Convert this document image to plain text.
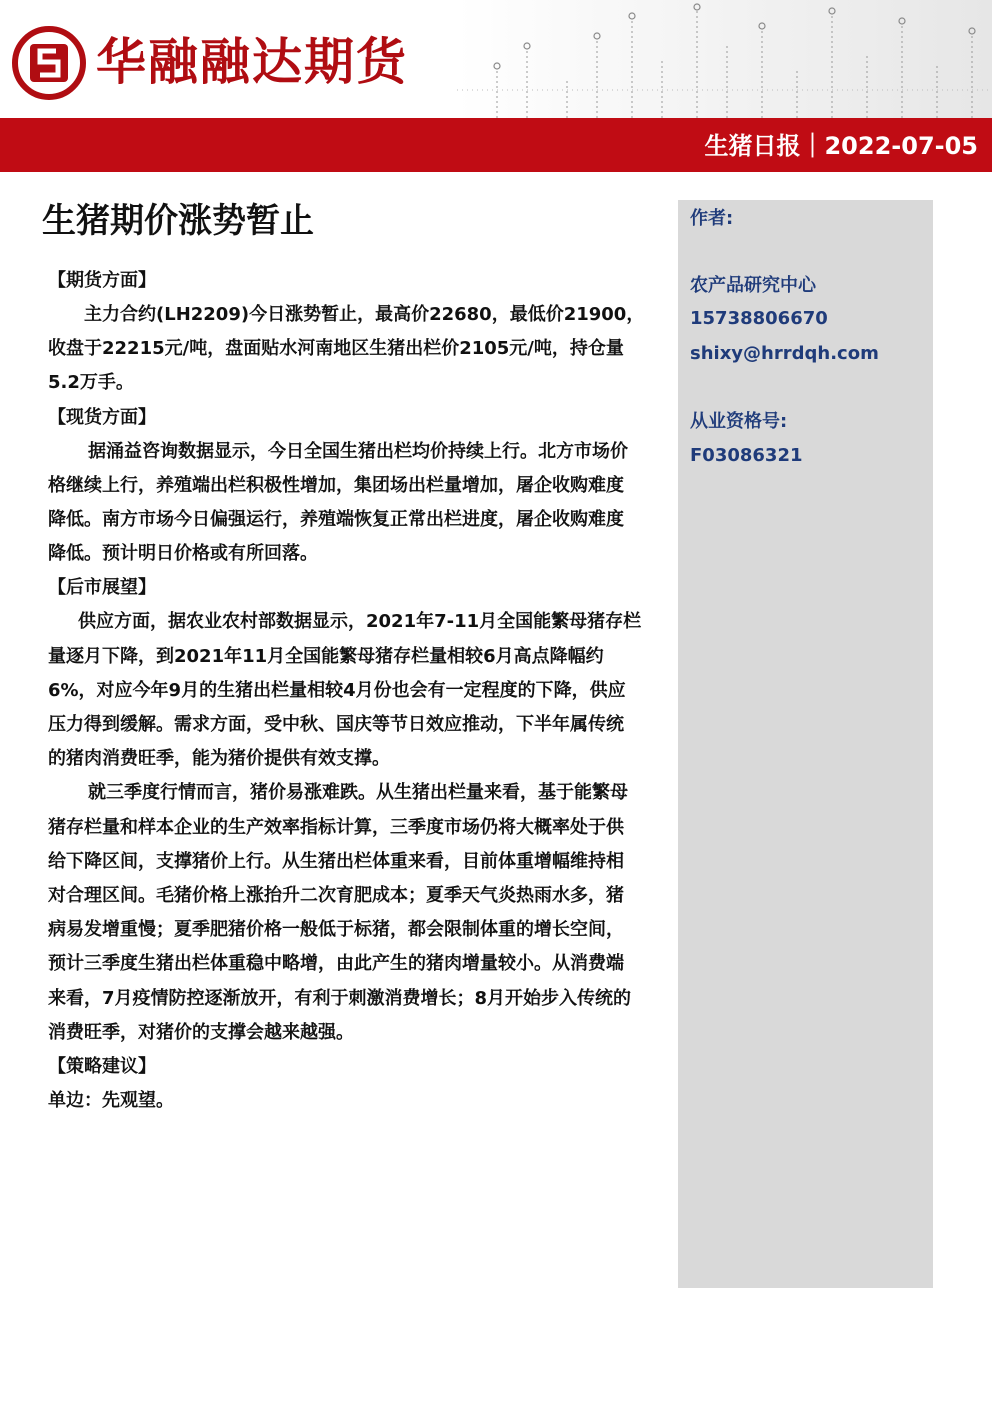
华融融达期货
生猪日报｜2022-07-05
作者:
农产品研究中心
15738806670
shixy@hrrdqh.com
从业资格号:
F03086321
生猪期价涨势暂止

【期货方面】

主力合约(LH2209)今日涨势暂止，最高价22680，最低价21900，
收盘于22215元/吨，盘面贴水河南地区生猪出栏价2105元/吨，持仓量
5.2万手。

【现货方面】

据涌益咨询数据显示，今日全国生猪出栏均价持续上行。北方市场价
格继续上行，养殖端出栏积极性增加，集团场出栏量增加，屠企收购难度
降低。南方市场今日偏强运行，养殖端恢复正常出栏进度，屠企收购难度
降低。预计明日价格或有所回落。

【后市展望】

供应方面，据农业农村部数据显示，2021年7-11月全国能繁母猪存栏
量逐月下降，到2021年11月全国能繁母猪存栏量相较6月高点降幅约
6%，对应今年9月的生猪出栏量相较4月份也会有一定程度的下降，供应
压力得到缓解。需求方面，受中秋、国庆等节日效应推动，下半年属传统
的猪肉消费旺季，能为猪价提供有效支撑。

就三季度行情而言，猪价易涨难跌。从生猪出栏量来看，基于能繁母
猪存栏量和样本企业的生产效率指标计算，三季度市场仍将大概率处于供
给下降区间，支撑猪价上行。从生猪出栏体重来看，目前体重增幅维持相
对合理区间。毛猪价格上涨抬升二次育肥成本；夏季天气炎热雨水多，猪
病易发增重慢；夏季肥猪价格一般低于标猪，都会限制体重的增长空间，
预计三季度生猪出栏体重稳中略增，由此产生的猪肉增量较小。从消费端
来看，7月疫情防控逐渐放开，有利于刺激消费增长；8月开始步入传统的
消费旺季，对猪价的支撑会越来越强。

【策略建议】

单边：先观望。
